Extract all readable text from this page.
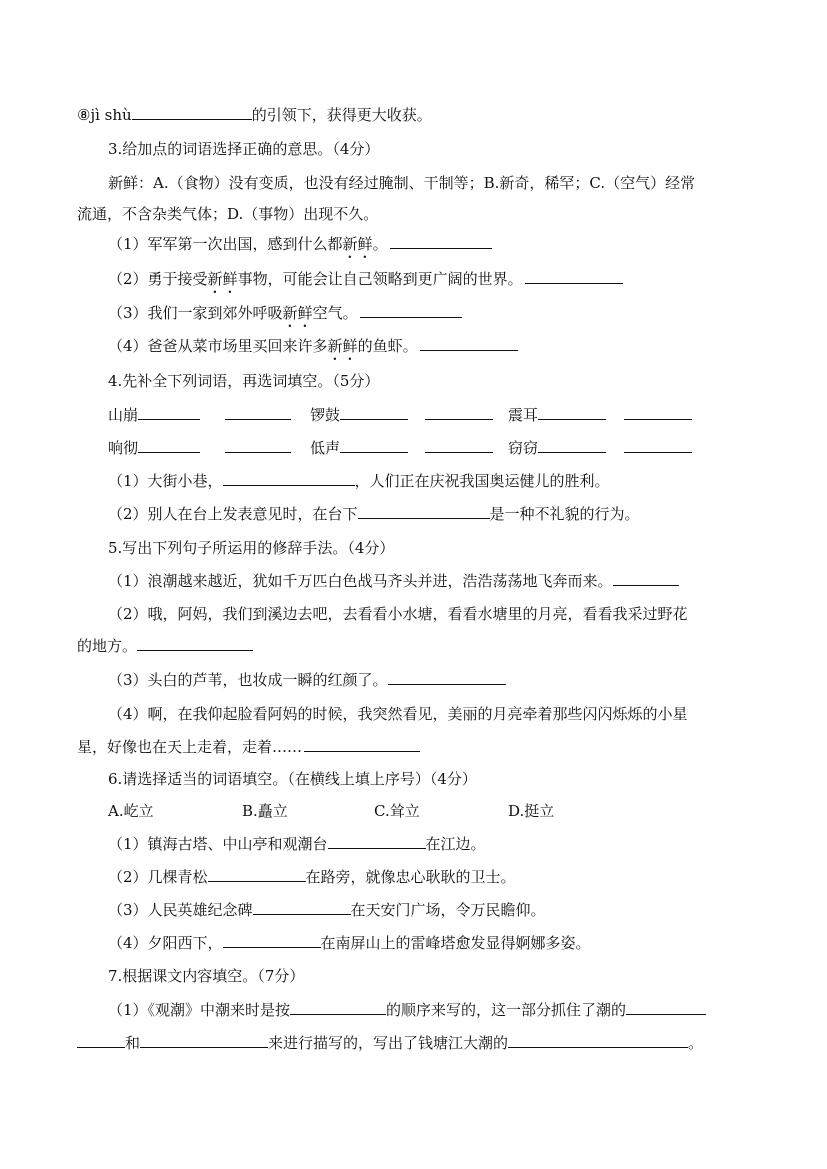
⑧jì shù	的引领下，获得更大收获。
3.给加点的词语选择正确的意思。（4分）
新鲜：A.（食物）没有变质，也没有经过腌制、干制等；B.新奇，稀罕；C.（空气）经常
流通，不含杂类气体；D.（事物）出现不久。
（1）军军第一次出国，感到什么都新鲜。
（2）勇于接受新鲜事物，可能会让自己领略到更广阔的世界。
（3）我们一家到郊外呼吸新鲜空气。
（4）爸爸从菜市场里买回来许多新鲜的鱼虾。
4.先补全下列词语，再选词填空。（5分）
山崩	锣鼓	震耳
响彻	低声	窃窃
（1）大街小巷，	，人们正在庆祝我国奥运健儿的胜利。
（2）别人在台上发表意见时，在台下	是一种不礼貌的行为。
5.写出下列句子所运用的修辞手法。（4分）
（1）浪潮越来越近，犹如千万匹白色战马齐头并进，浩浩荡荡地飞奔而来。
（2）哦，阿妈，我们到溪边去吧，去看看小水塘，看看水塘里的月亮，看看我采过野花
的地方。
（3）头白的芦苇，也妆成一瞬的红颜了。
（4）啊，在我仰起脸看阿妈的时候，我突然看见，美丽的月亮牵着那些闪闪烁烁的小星
星，好像也在天上走着，走着……
6.请选择适当的词语填空。（在横线上填上序号）（4分）
A.屹立	B.矗立	C.耸立	D.挺立
（1）镇海古塔、中山亭和观潮台	在江边。
（2）几棵青松	在路旁，就像忠心耿耿的卫士。
（3）人民英雄纪念碑	在天安门广场，令万民瞻仰。
（4）夕阳西下，	在南屏山上的雷峰塔愈发显得婀娜多姿。
7.根据课文内容填空。（7分）
（1）《观潮》中潮来时是按	的顺序来写的，这一部分抓住了潮的
和	来进行描写的，写出了钱塘江大潮的	。
